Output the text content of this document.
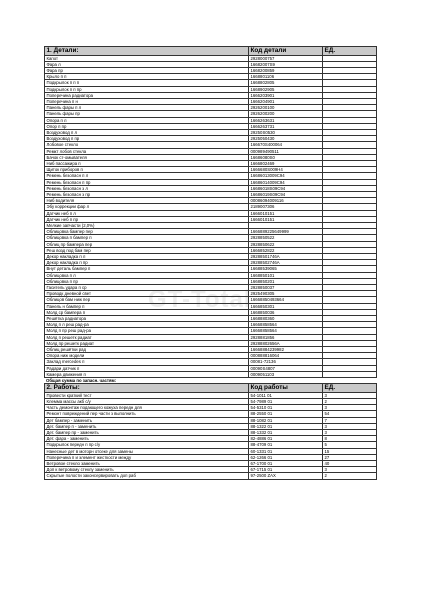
GT-Total
1. Детали:	Код детали	ЕД.
Капот	2928000757	
Фара л	16682007S9	
Фара пр	1668200859	
Крыло п п	1668801106	
Подкрылок п п п	1668802805	
Подкрылок п п пр	1668902905	
Поперечина радиатора	1666203901	
Поперечина п н	1666204901	
Панель фары п л	2926200100	
Панель фары пр	2926200200	
Опора п л	1666263631	
Опор п пр	1666263731	
Воздуховод п л	29250S0530	
Воздуховод п пр	2925050430	
Лобовое стекло	166670S400064	
Ремкт лобов стекла	000989490511	
Бачок ст-омывателя	16686080S0	
Ниб пассажира п	1666802469	
Щиток приборов п	1666680S009H4	
Ремень безопасн п л	16686013009C94	
Ремень безопасн п пр	16686014009C94	
Ремень безопасн з л	16686018S09C94	
Ремень безопасн з пр	16686019S09C94	
Ниб водителя	00086094009116	
Эбу коррекции фар л	2189007306	
Датчик неб п л	1666010151	
Датчик неб п пр	1666010151	
Мелкие запчасти (2,0%)		
Облицовка бампер пер	1666889225649999	
Облицовка п бампер п	2928850522	
Облиц пр бампера пер	2928850622	
Реш возд под бам пер	1666852822	
Декор накладка п л	29288501746A	
Декор накладка п пр	29288502746A	
Внут деталь бампер п	16688539065	
Облицовка п л	1668850101	
Облицовка п пр	1668850201	
Гаситель удара п ср	2928850037	
Проводк дневной свет	2925490305	
Облицов бам ниж пер	16668850493664	
Панель н бампер п	1666850301	
Молд ср бампера п	1668850036	
Решётка радиатора	1668880360	
Молд п л реш рад-ра	16668858564	
Молд п пр реш рад-ра	16668858564	
Молд п решетк радиат	2928881856	
Молд пр решетк радиат	29288802656A	
Облиц решётки рад	16668884239982	
Опора ниж модели	000888816064	
Заклад mercedes п	00081-72136	
Радари датчик п	00090S4807	
Камера движения п	0009051103	
Общая сумма по запасн. частям:		
2. Работы:	Код работы	ЕД.
Провести краткий тест	54-1011 01	3
Клемма массы акб с/у	54-7989 01	2
Часть демонтаж подающего кожуха передн для	54-5310 01	3
Ремонт повреждений пер части з выполнить	88-2550 01	54
Дет бампер - заменить	88-1082 01	7
Дет. бампер п - заменить	88-1322 01	3
Дет. бампер пр - заменить	88-1332 01	3
Дет. фара - заменить	82-4886 01	8
Подкрылок передн п пр с/у	88-4709 01	5
Нанесные дет в моторн отсеке для замены	60-1331 01	15
Поперечина п и элемент жесткости между	62-1266 01	27
Ветровое стекло заменить	67-1700 01	40
Доп к ветровому стеклу заменить	67-1715 01	3
Скрытые полости законсервировать доп раб	97-2500 ZAX	2
